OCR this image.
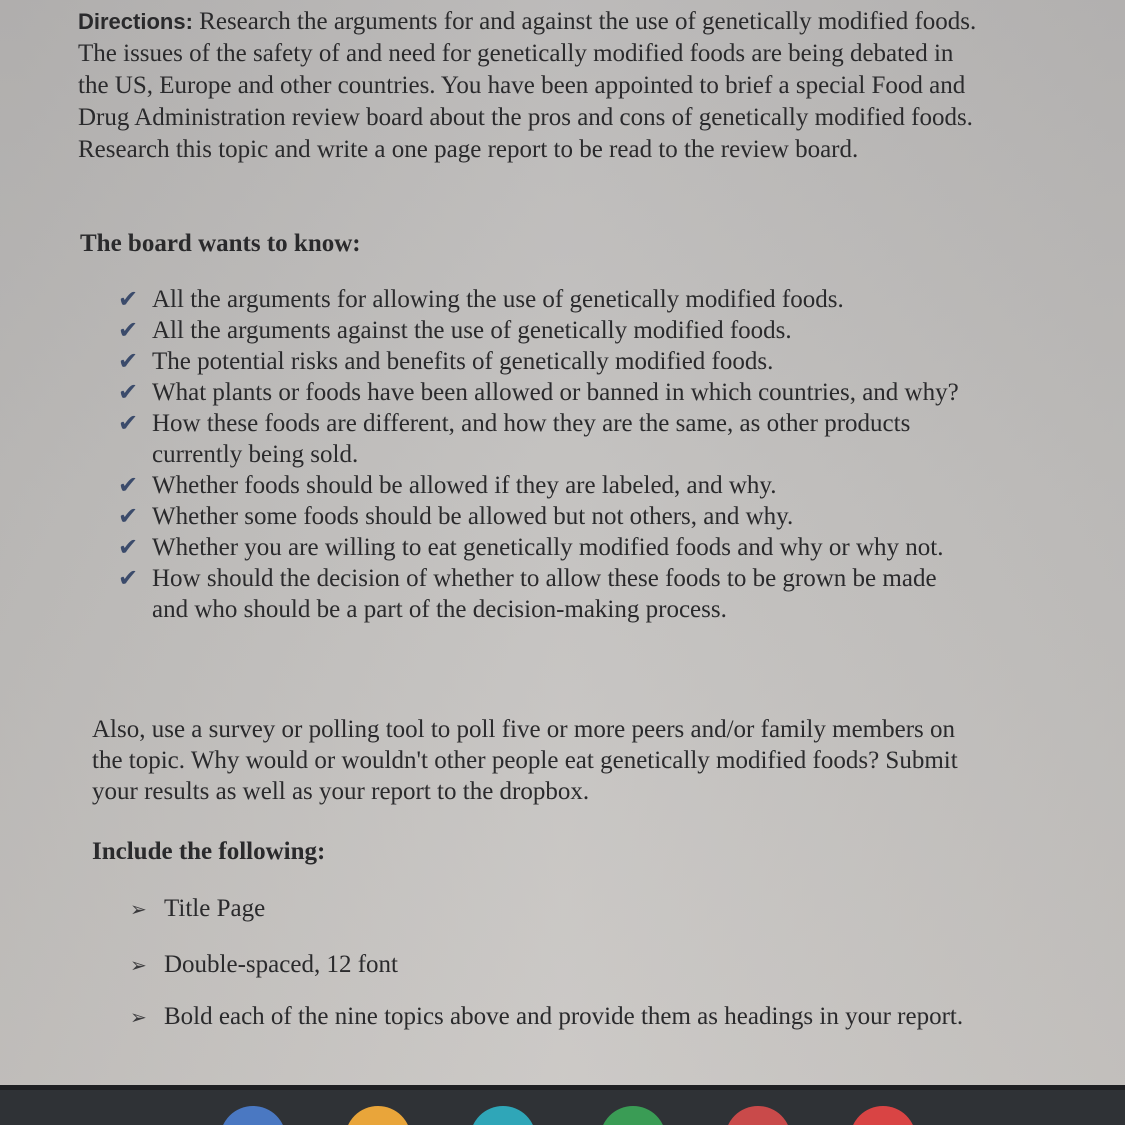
Directions: Research the arguments for and against the use of genetically modified foods. The issues of the safety of and need for genetically modified foods are being debated in the US, Europe and other countries. You have been appointed to brief a special Food and Drug Administration review board about the pros and cons of genetically modified foods. Research this topic and write a one page report to be read to the review board.

The board wants to know:

✔ All the arguments for allowing the use of genetically modified foods.
✔ All the arguments against the use of genetically modified foods.
✔ The potential risks and benefits of genetically modified foods.
✔ What plants or foods have been allowed or banned in which countries, and why?
✔ How these foods are different, and how they are the same, as other products currently being sold.
✔ Whether foods should be allowed if they are labeled, and why.
✔ Whether some foods should be allowed but not others, and why.
✔ Whether you are willing to eat genetically modified foods and why or why not.
✔ How should the decision of whether to allow these foods to be grown be made and who should be a part of the decision-making process.

Also, use a survey or polling tool to poll five or more peers and/or family members on the topic. Why would or wouldn't other people eat genetically modified foods? Submit your results as well as your report to the dropbox.

Include the following:

➢ Title Page
➢ Double-spaced, 12 font
➢ Bold each of the nine topics above and provide them as headings in your report.
